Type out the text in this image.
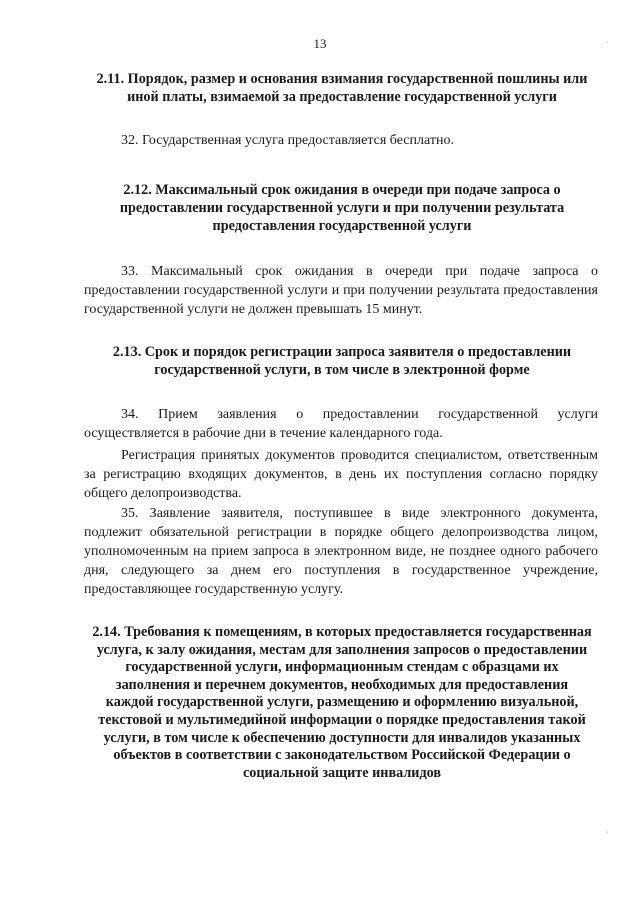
13	ˈ
ˈ
2.11. Порядок, размер и основания взимания государственной пошлины или иной платы, взимаемой за предоставление государственной услуги
32. Государственная услуга предоставляется бесплатно.
2.12. Максимальный срок ожидания в очереди при подаче запроса о предоставлении государственной услуги и при получении результата предоставления государственной услуги
33. Максимальный срок ожидания в очереди при подаче запроса о предоставлении государственной услуги и при получении результата предоставления государственной услуги не должен превышать 15 минут.
2.13. Срок и порядок регистрации запроса заявителя о предоставлении государственной услуги, в том числе в электронной форме
34. Прием заявления о предоставлении государственной услуги осуществляется в рабочие дни в течение календарного года.
Регистрация принятых документов проводится специалистом, ответственным за регистрацию входящих документов, в день их поступления согласно порядку общего делопроизводства.
35. Заявление заявителя, поступившее в виде электронного документа, подлежит обязательной регистрации в порядке общего делопроизводства лицом, уполномоченным на прием запроса в электронном виде, не позднее одного рабочего дня, следующего за днем его поступления в государственное учреждение, предоставляющее государственную услугу.
2.14. Требования к помещениям, в которых предоставляется государственная услуга, к залу ожидания, местам для заполнения запросов о предоставлении государственной услуги, информационным стендам с образцами их заполнения и перечнем документов, необходимых для предоставления каждой государственной услуги, размещению и оформлению визуальной, текстовой и мультимедийной информации о порядке предоставления такой услуги, в том числе к обеспечению доступности для инвалидов указанных объектов в соответствии с законодательством Российской Федерации о социальной защите инвалидов
